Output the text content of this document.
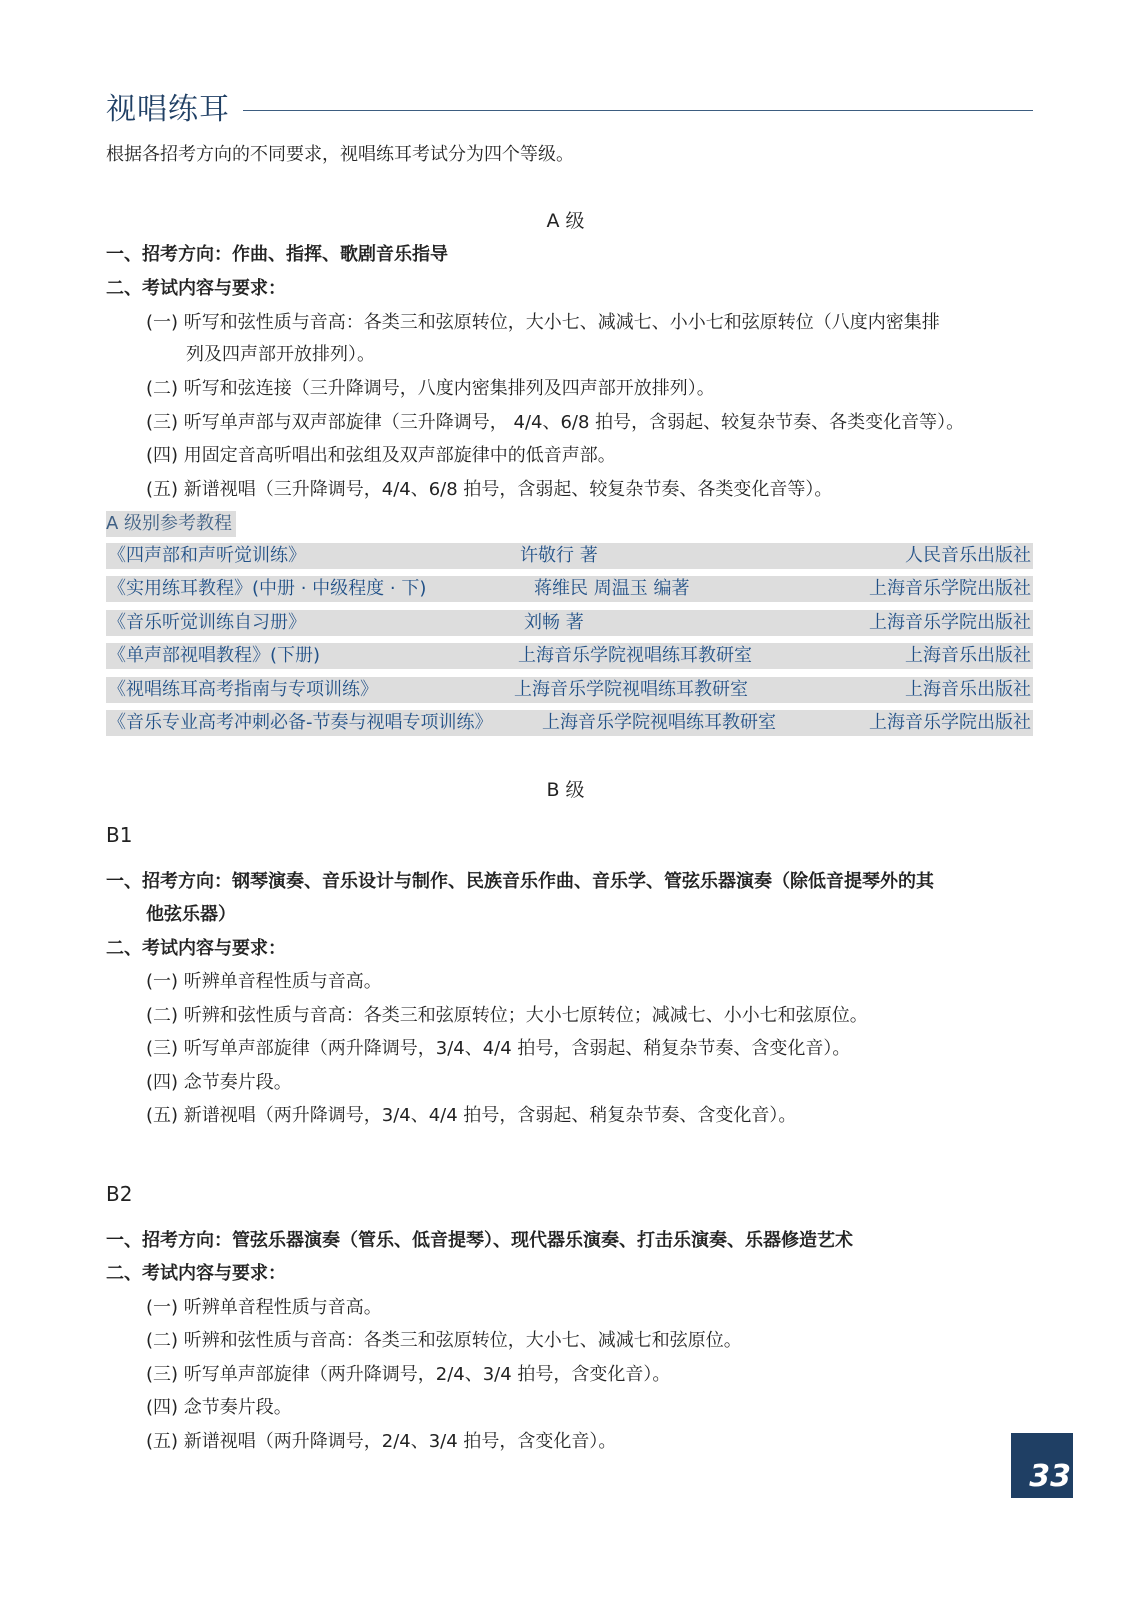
视唱练耳
根据各招考方向的不同要求，视唱练耳考试分为四个等级。
A 级
一、招考方向：作曲、指挥、歌剧音乐指导
二、考试内容与要求：
(一) 听写和弦性质与音高：各类三和弦原转位，大小七、减减七、小小七和弦原转位（八度内密集排
列及四声部开放排列）。
(二) 听写和弦连接（三升降调号，八度内密集排列及四声部开放排列）。
(三) 听写单声部与双声部旋律（三升降调号， 4/4、6/8 拍号，含弱起、较复杂节奏、各类变化音等）。
(四) 用固定音高听唱出和弦组及双声部旋律中的低音声部。
(五) 新谱视唱（三升降调号，4/4、6/8 拍号，含弱起、较复杂节奏、各类变化音等）。
A 级别参考教程
《四声部和声听觉训练》	许敬行 著	人民音乐出版社
《实用练耳教程》(中册 · 中级程度 · 下)	蒋维民 周温玉 编著	上海音乐学院出版社
《音乐听觉训练自习册》	刘畅 著	上海音乐学院出版社
《单声部视唱教程》(下册)	上海音乐学院视唱练耳教研室	上海音乐出版社
《视唱练耳高考指南与专项训练》	上海音乐学院视唱练耳教研室	上海音乐出版社
《音乐专业高考冲刺必备-节奏与视唱专项训练》	上海音乐学院视唱练耳教研室	上海音乐学院出版社
B 级
B1
一、招考方向：钢琴演奏、音乐设计与制作、民族音乐作曲、音乐学、管弦乐器演奏（除低音提琴外的其
他弦乐器）
二、考试内容与要求：
(一) 听辨单音程性质与音高。
(二) 听辨和弦性质与音高：各类三和弦原转位；大小七原转位；减减七、小小七和弦原位。
(三) 听写单声部旋律（两升降调号，3/4、4/4 拍号，含弱起、稍复杂节奏、含变化音）。
(四) 念节奏片段。
(五) 新谱视唱（两升降调号，3/4、4/4 拍号，含弱起、稍复杂节奏、含变化音）。
B2
一、招考方向：管弦乐器演奏（管乐、低音提琴）、现代器乐演奏、打击乐演奏、乐器修造艺术
二、考试内容与要求：
(一) 听辨单音程性质与音高。
(二) 听辨和弦性质与音高：各类三和弦原转位，大小七、减减七和弦原位。
(三) 听写单声部旋律（两升降调号，2/4、3/4 拍号，含变化音）。
(四) 念节奏片段。
(五) 新谱视唱（两升降调号，2/4、3/4 拍号，含变化音）。
33
